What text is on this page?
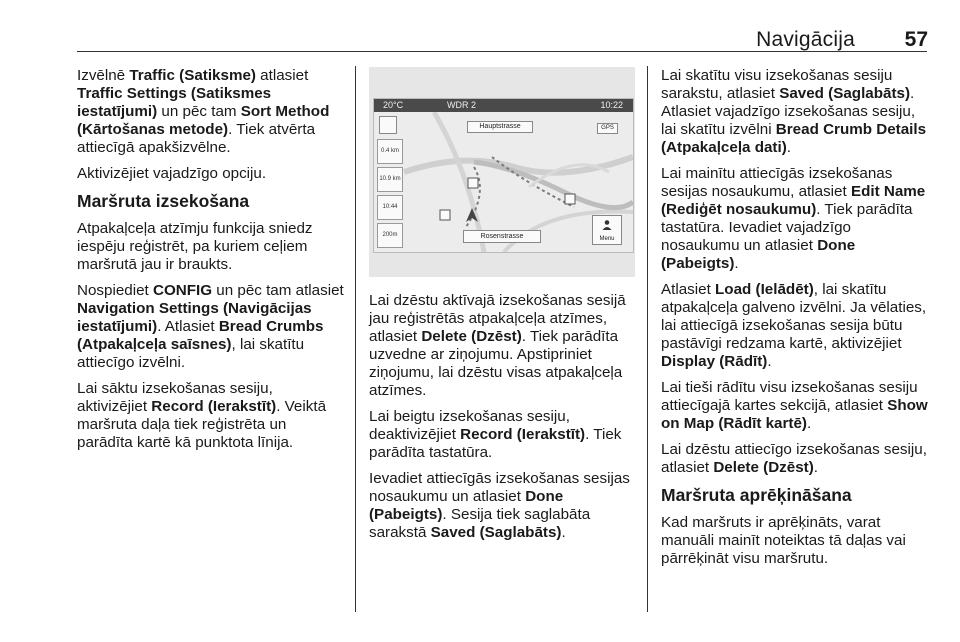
Navigācija 57

Izvēlnē Traffic (Satiksme) atlasiet Traffic Settings (Satiksmes iestatījumi) un pēc tam Sort Method (Kārtošanas metode). Tiek atvērta attiecīgā apakšizvēlne.

Aktivizējiet vajadzīgo opciju.

Maršruta izsekošana

Atpakaļceļa atzīmju funkcija sniedz iespēju reģistrēt, pa kuriem ceļiem maršrutā jau ir braukts.

Nospiediet CONFIG un pēc tam atlasiet Navigation Settings (Navigācijas iestatījumi). Atlasiet Bread Crumbs (Atpakaļceļa saīsnes), lai skatītu attiecīgo izvēlni.

Lai sāktu izsekošanas sesiju, aktivizējiet Record (Ierakstīt). Veiktā maršruta daļa tiek reģistrēta un parādīta kartē kā punktota līnija.

20°C	WDR 2	10:22
Hauptstrasse	GPS
0.4 km
10.9 km
10:44
200m	Rosenstrasse	Menu

Lai dzēstu aktīvajā izsekošanas sesijā jau reģistrētās atpakaļceļa atzīmes, atlasiet Delete (Dzēst). Tiek parādīta uzvedne ar ziņojumu. Apstipriniet ziņojumu, lai dzēstu visas atpakaļceļa atzīmes.

Lai beigtu izsekošanas sesiju, deaktivizējiet Record (Ierakstīt). Tiek parādīta tastatūra.

Ievadiet attiecīgās izsekošanas sesijas nosaukumu un atlasiet Done (Pabeigts). Sesija tiek saglabāta sarakstā Saved (Saglabāts).

Lai skatītu visu izsekošanas sesiju sarakstu, atlasiet Saved (Saglabāts). Atlasiet vajadzīgo izsekošanas sesiju, lai skatītu izvēlni Bread Crumb Details (Atpakaļceļa dati).

Lai mainītu attiecīgās izsekošanas sesijas nosaukumu, atlasiet Edit Name (Rediģēt nosaukumu). Tiek parādīta tastatūra. Ievadiet vajadzīgo nosaukumu un atlasiet Done (Pabeigts).

Atlasiet Load (Ielādēt), lai skatītu atpakaļceļa galveno izvēlni. Ja vēlaties, lai attiecīgā izsekošanas sesija būtu pastāvīgi redzama kartē, aktivizējiet Display (Rādīt).

Lai tieši rādītu visu izsekošanas sesiju attiecīgajā kartes sekcijā, atlasiet Show on Map (Rādīt kartē).

Lai dzēstu attiecīgo izsekošanas sesiju, atlasiet Delete (Dzēst).

Maršruta aprēķināšana

Kad maršruts ir aprēķināts, varat manuāli mainīt noteiktas tā daļas vai pārrēķināt visu maršrutu.
